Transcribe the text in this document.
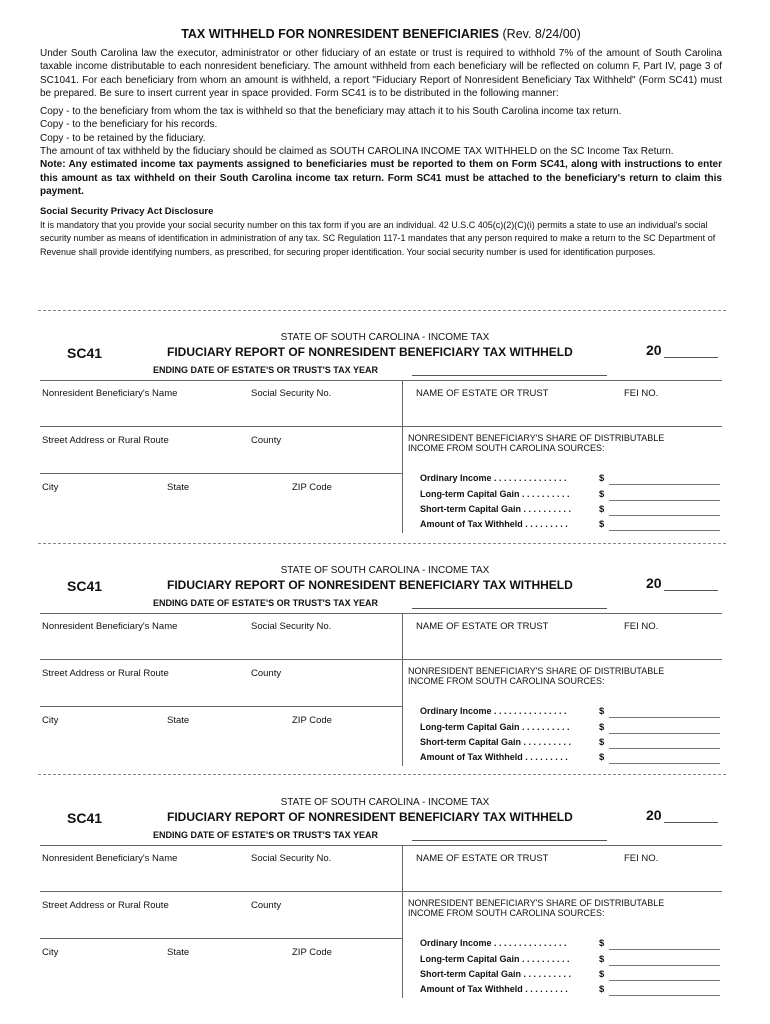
TAX WITHHELD FOR NONRESIDENT BENEFICIARIES (Rev. 8/24/00)

Under South Carolina law the executor, administrator or other fiduciary of an estate or trust is required to withhold 7% of the amount of South Carolina taxable income distributable to each nonresident beneficiary. The amount withheld from each beneficiary will be reflected on column F, Part IV, page 3 of SC1041. For each beneficiary from whom an amount is withheld, a report "Fiduciary Report of Nonresident Beneficiary Tax Withheld" (Form SC41) must be prepared. Be sure to insert current year in space provided. Form SC41 is to be distributed in the following manner:

Copy - to the beneficiary from whom the tax is withheld so that the beneficiary may attach it to his South Carolina income tax return.

Copy - to the beneficiary for his records.

Copy - to be retained by the fiduciary.

The amount of tax withheld by the fiduciary should be claimed as SOUTH CAROLINA INCOME TAX WITHHELD on the SC Income Tax Return.

Note: Any estimated income tax payments assigned to beneficiaries must be reported to them on Form SC41, along with instructions to enter this amount as tax withheld on their South Carolina income tax return. Form SC41 must be attached to the beneficiary's return to claim this payment.

Social Security Privacy Act Disclosure

It is mandatory that you provide your social security number on this tax form if you are an individual. 42 U.S.C 405(c)(2)(C)(i) permits a state to use an individual's social security number as means of identification in administration of any tax. SC Regulation 117-1 mandates that any person required to make a return to the SC Department of Revenue shall provide identifying numbers, as prescribed, for securing proper identification. Your social security number is used for identification purposes.

STATE OF SOUTH CAROLINA - INCOME TAX
SC41	FIDUCIARY REPORT OF NONRESIDENT BENEFICIARY TAX WITHHELD	20
ENDING DATE OF ESTATE'S OR TRUST'S TAX YEAR
Nonresident Beneficiary's Name	Social Security No.	NAME OF ESTATE OR TRUST	FEI NO.
Street Address or Rural Route	County	NONRESIDENT BENEFICIARY'S SHARE OF DISTRIBUTABLE
INCOME FROM SOUTH CAROLINA SOURCES:
City	State	ZIP Code
Ordinary Income . . . . . . . . . . . . . . .	$
Long-term Capital Gain . . . . . . . . . .	$
Short-term Capital Gain . . . . . . . . . .	$
Amount of Tax Withheld . . . . . . . . .	$
STATE OF SOUTH CAROLINA - INCOME TAX
SC41	FIDUCIARY REPORT OF NONRESIDENT BENEFICIARY TAX WITHHELD	20
ENDING DATE OF ESTATE'S OR TRUST'S TAX YEAR
Nonresident Beneficiary's Name	Social Security No.	NAME OF ESTATE OR TRUST	FEI NO.
Street Address or Rural Route	County	NONRESIDENT BENEFICIARY'S SHARE OF DISTRIBUTABLE
INCOME FROM SOUTH CAROLINA SOURCES:
City	State	ZIP Code
Ordinary Income . . . . . . . . . . . . . . .	$
Long-term Capital Gain . . . . . . . . . .	$
Short-term Capital Gain . . . . . . . . . .	$
Amount of Tax Withheld . . . . . . . . .	$
STATE OF SOUTH CAROLINA - INCOME TAX
SC41	FIDUCIARY REPORT OF NONRESIDENT BENEFICIARY TAX WITHHELD	20
ENDING DATE OF ESTATE'S OR TRUST'S TAX YEAR
Nonresident Beneficiary's Name	Social Security No.	NAME OF ESTATE OR TRUST	FEI NO.
Street Address or Rural Route	County	NONRESIDENT BENEFICIARY'S SHARE OF DISTRIBUTABLE
INCOME FROM SOUTH CAROLINA SOURCES:
City	State	ZIP Code
Ordinary Income . . . . . . . . . . . . . . .	$
Long-term Capital Gain . . . . . . . . . .	$
Short-term Capital Gain . . . . . . . . . .	$
Amount of Tax Withheld . . . . . . . . .	$
